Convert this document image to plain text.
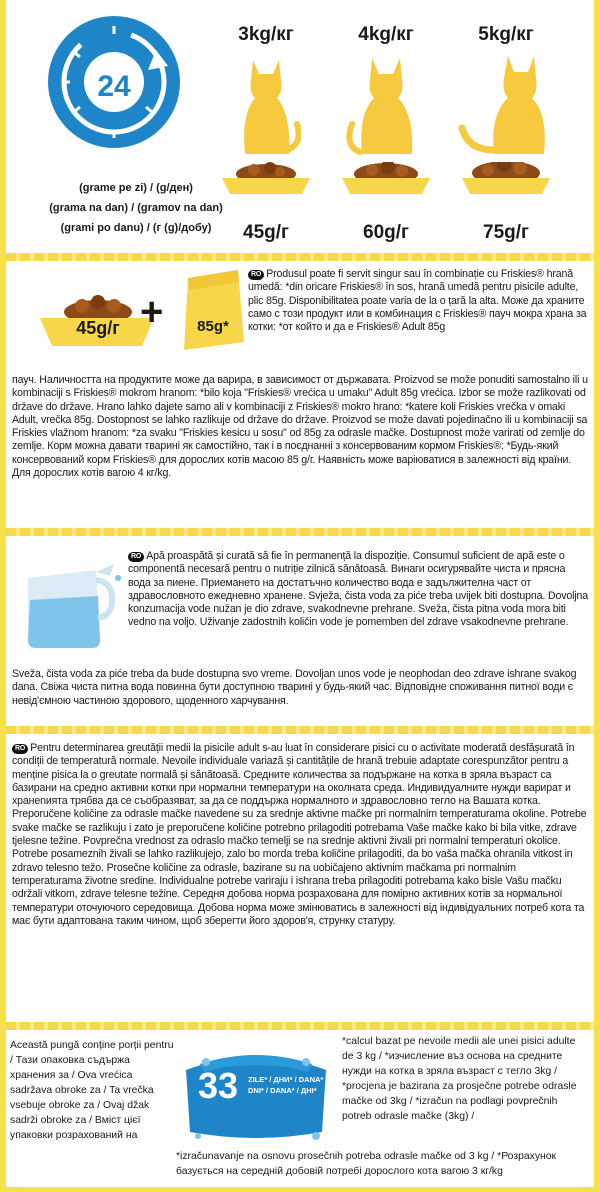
24
(grame pe zi) / (g/ден)
(grama na dan) / (gramov na dan)
(grami po danu) / (г (g)/добу)
3kg/кг	4kg/кг	5kg/кг
45g/г	60g/г	75g/г
45g/г +	85g*
RO Produsul poate fi servit singur sau în combinație cu Friskies® hrană umedă: *din oricare Friskies® în sos, hrană umedă pentru pisicile adulte, plic 85g. Disponibilitatea poate varia de la o țară la alta. Може да храните само с този продукт или в комбинация с Friskies® пауч мокра храна за котки: *от който и да е Friskies® Adult 85g
пауч. Наличността на продуктите може да варира, в зависимост от държавата. Proizvod se može ponuditi samostalno ili u kombinaciji s Friskies® mokrom hranom: *bilo koja "Friskies® vrećica u umaku" Adult 85g vrećica. Izbor se može razlikovati od države do države. Hrano lahko dajete samo ali v kombinaciji z Friskies® mokro hrano: *katere koli Friskies vrečka v omaki Adult, vrečka 85g. Dostopnost se lahko razlikuje od države do države. Proizvod se može davati pojedinačno ili u kombinaciji sa Friskies vlažnom hranom: *za svaku "Friskies kesicu u sosu" od 85g za odrasle mačke. Dostupnost može varirati od zemlje do zemlje. Корм можна давати тварині як самостійно, так і в поєднанні з консервованим кормом Friskies®: *Будь-який консервований корм Friskies® для дорослих котів масою 85 g/г. Наявність може варіюватися в залежності від країни. Для дорослих котів вагою 4 кг/kg.
RO Apă proaspătă și curată să fie în permanență la dispoziție. Consumul suficient de apă este o componentă necesară pentru o nutriție zilnică sănătoasă. Винаги осигурявайте чиста и прясна вода за пиене. Приемането на достатъчно количество вода е задължителна част от здравословното ежедневно хранене. Svježa, čista voda za piće treba uvijek biti dostupna. Dovoljna konzumacija vode nužan je dio zdrave, svakodnevne prehrane. Sveža, čista pitna voda mora biti vedno na voljo. Uživanje zadostnih količin vode je pomemben del zdrave vsakodnevne prehrane.
Sveža, čista voda za piće treba da bude dostupna svo vreme. Dovoljan unos vode je neophodan deo zdrave ishrane svakog dana. Свіжа чиста питна вода повинна бути доступною тварині у будь-який час. Відповідне споживання питної води є невід'ємною частиною здорового, щоденного харчування.
RO Pentru determinarea greutății medii la pisicile adult s-au luat în considerare pisici cu o activitate moderată desfășurată în condiții de temperatură normale. Nevoile individuale variază și cantitățile de hrană trebuie adaptate corespunzător pentru a menține pisica la o greutate normală și sănătoasă. Средните количества за подържане на котка в зряла възраст са базирани на средно активни котки при нормални температури на околната среда. Индивидуалните нужди варират и хранenията трябва да се съобразяват, за да се поддържа нормалното и здравословно тегло на Вашата котка. Preporučene količine za odrasle mačke navedene su za srednje aktivne mačke pri normalnim temperaturama okoline. Potrebe svake mačke se razlikuju i zato je preporučene količine potrebno prilagoditi potrebama Vaše mačke kako bi bila vitke, zdrave tjelesne težine. Povprečna vrednost za odraslo mačko temelji se na srednje aktivni živali pri normalni temperaturi okolice. Potrebe posameznih živali se lahko razlikujejo, zalo bo morda treba količine prilagoditi, da bo vaša mačka ohranila vitkost in zdravo telesno težo. Prosečne količine za odrasle, bazirane su na uobičajeno aktivnim mačkama pri normalnim temperaturama životne sredine. Individualne potrebe variraju i ishrana treba prilagoditi potrebama kako bisle Vašu mačku održali vitkom, zdrave telesne težine. Середня добова норма розрахована для помірно активних котів за нормальної температури оточуючого середовища. Добова норма може змінюватись в залежності від індивідуальних потреб кота та має бути адаптована таким чином, щоб зберегти його здоров'я, струнку статуру.
Această pungă conține porții pentru / Тази опаковка съдържа хранения за / Ova vrećica sadržava obroke za / Ta vrečka vsebuje obroke za / Ovaj džak sadrži obroke za / Вміст цієї упаковки розрахований на
33 ZILE* / ДНИ* / DANA*
DNI* / DANA* / ДНІ*
*calcul bazat pe nevoile medii ale unei pisici adulte de 3 kg / *изчисление въз основа на средните нужди на котка в зряла възраст с тегло 3kg / *procjena je bazirana za prosječne potrebe odrasle mačke od 3kg / *izračun na podlagi povprečnih potreb odrasle mačke (3kg) /
*izračunavanje na osnovu prosečnih potreba odrasle mačke od 3 kg / *Розрахунок базується на середній добовій потребі дорослого кота вагою 3 кг/kg
